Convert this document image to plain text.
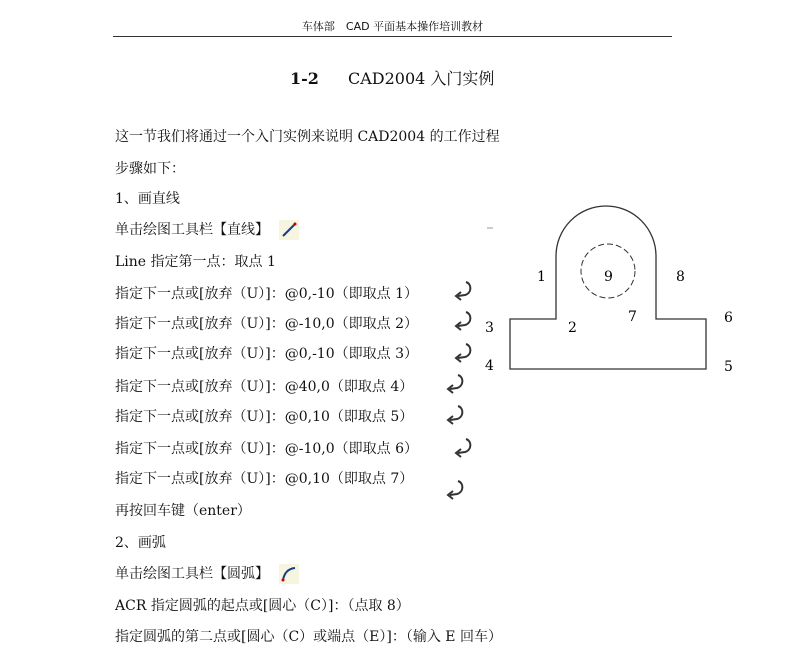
车体部　CAD 平面基本操作培训教材
1-2 CAD2004 入门实例
这一节我们将通过一个入门实例来说明 CAD2004 的工作过程
步骤如下：
1、画直线
单击绘图工具栏【直线】
Line 指定第一点：取点 1
指定下一点或[放弃（U）]：@0,-10（即取点 1）
指定下一点或[放弃（U）]：@-10,0（即取点 2）
指定下一点或[放弃（U）]：@0,-10（即取点 3）
指定下一点或[放弃（U）]：@40,0（即取点 4）
指定下一点或[放弃（U）]：@0,10（即取点 5）
指定下一点或[放弃（U）]：@-10,0（即取点 6）
指定下一点或[放弃（U）]：@0,10（即取点 7）
再按回车键（enter）
2、画弧
单击绘图工具栏【圆弧】
ACR 指定圆弧的起点或[圆心（C）]：（点取 8）
指定圆弧的第二点或[圆心（C）或端点（E）]：（输入 E 回车）
1
2
3
4	5
6
7
8
9
